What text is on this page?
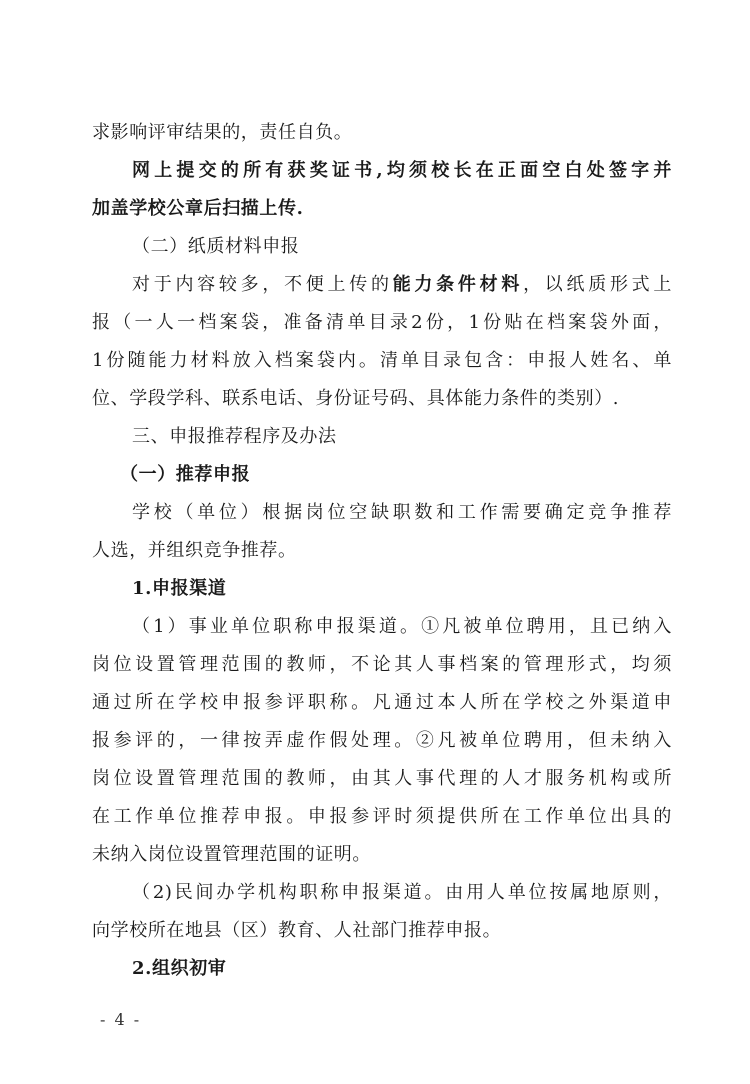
求影响评审结果的，责任自负。
网上提交的所有获奖证书,均须校长在正面空白处签字并
加盖学校公章后扫描上传.
（二）纸质材料申报
对于内容较多，不便上传的能力条件材料，以纸质形式上
报（一人一档案袋，准备清单目录2份，1份贴在档案袋外面，
1份随能力材料放入档案袋内。清单目录包含：申报人姓名、单
位、学段学科、联系电话、身份证号码、具体能力条件的类别）.
三、申报推荐程序及办法
（一）推荐申报
学校（单位）根据岗位空缺职数和工作需要确定竞争推荐
人选，并组织竞争推荐。
1.申报渠道
（1）事业单位职称申报渠道。①凡被单位聘用，且已纳入
岗位设置管理范围的教师，不论其人事档案的管理形式，均须
通过所在学校申报参评职称。凡通过本人所在学校之外渠道申
报参评的，一律按弄虚作假处理。②凡被单位聘用，但未纳入
岗位设置管理范围的教师，由其人事代理的人才服务机构或所
在工作单位推荐申报。申报参评时须提供所在工作单位出具的
未纳入岗位设置管理范围的证明。
（2)民间办学机构职称申报渠道。由用人单位按属地原则，
向学校所在地县（区）教育、人社部门推荐申报。
2.组织初审
- 4 -
